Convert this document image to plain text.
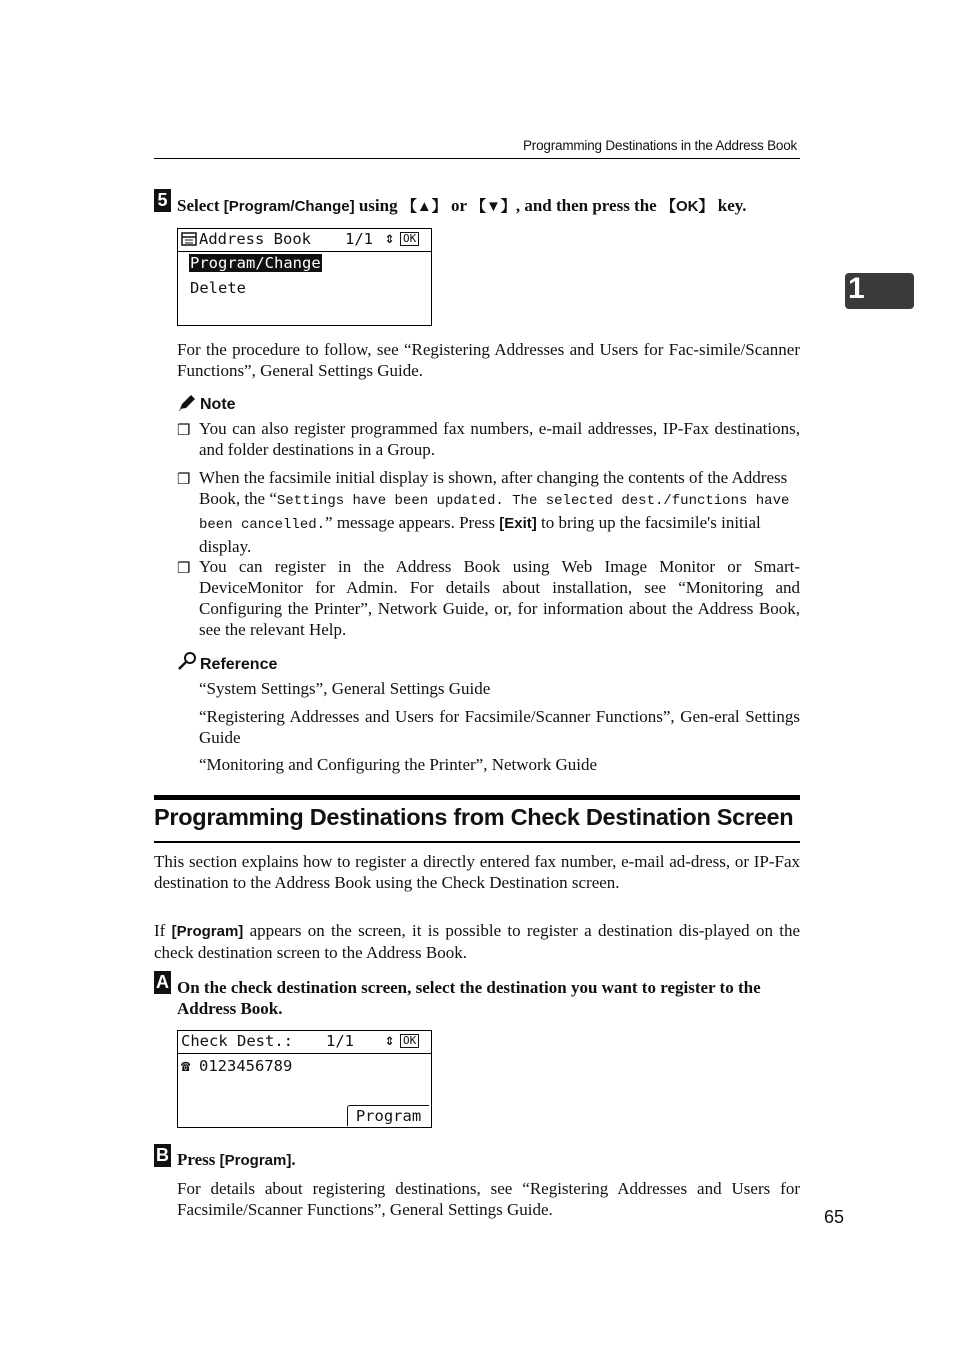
Programming Destinations in the Address Book
1
5 Select [Program/Change] using 【▲】 or 【▼】, and then press the 【OK】 key.
Address Book 1/1 ⇕ OK
Program/Change
Delete
For the procedure to follow, see “Registering Addresses and Users for Fac-simile/Scanner Functions”, General Settings Guide.
Note
❒ You can also register programmed fax numbers, e-mail addresses, IP-Fax destinations, and folder destinations in a Group.
❒ When the facsimile initial display is shown, after changing the contents of the Address Book, the “Settings have been updated. The selected dest./functions have been cancelled.” message appears. Press [Exit] to bring up the facsimile's initial display.
❒ You can register in the Address Book using Web Image Monitor or Smart-DeviceMonitor for Admin. For details about installation, see “Monitoring and Configuring the Printer”, Network Guide, or, for information about the Address Book, see the relevant Help.
Reference
“System Settings”, General Settings Guide
“Registering Addresses and Users for Facsimile/Scanner Functions”, Gen-eral Settings Guide
“Monitoring and Configuring the Printer”, Network Guide
Programming Destinations from Check Destination Screen
This section explains how to register a directly entered fax number, e-mail ad-dress, or IP-Fax destination to the Address Book using the Check Destination screen.
If [Program] appears on the screen, it is possible to register a destination dis-played on the check destination screen to the Address Book.
A On the check destination screen, select the destination you want to register to the Address Book.
Check Dest.: 1/1 ⇕ OK
☎ 0123456789
Program
B Press [Program].
For details about registering destinations, see “Registering Addresses and Users for Facsimile/Scanner Functions”, General Settings Guide.	65
